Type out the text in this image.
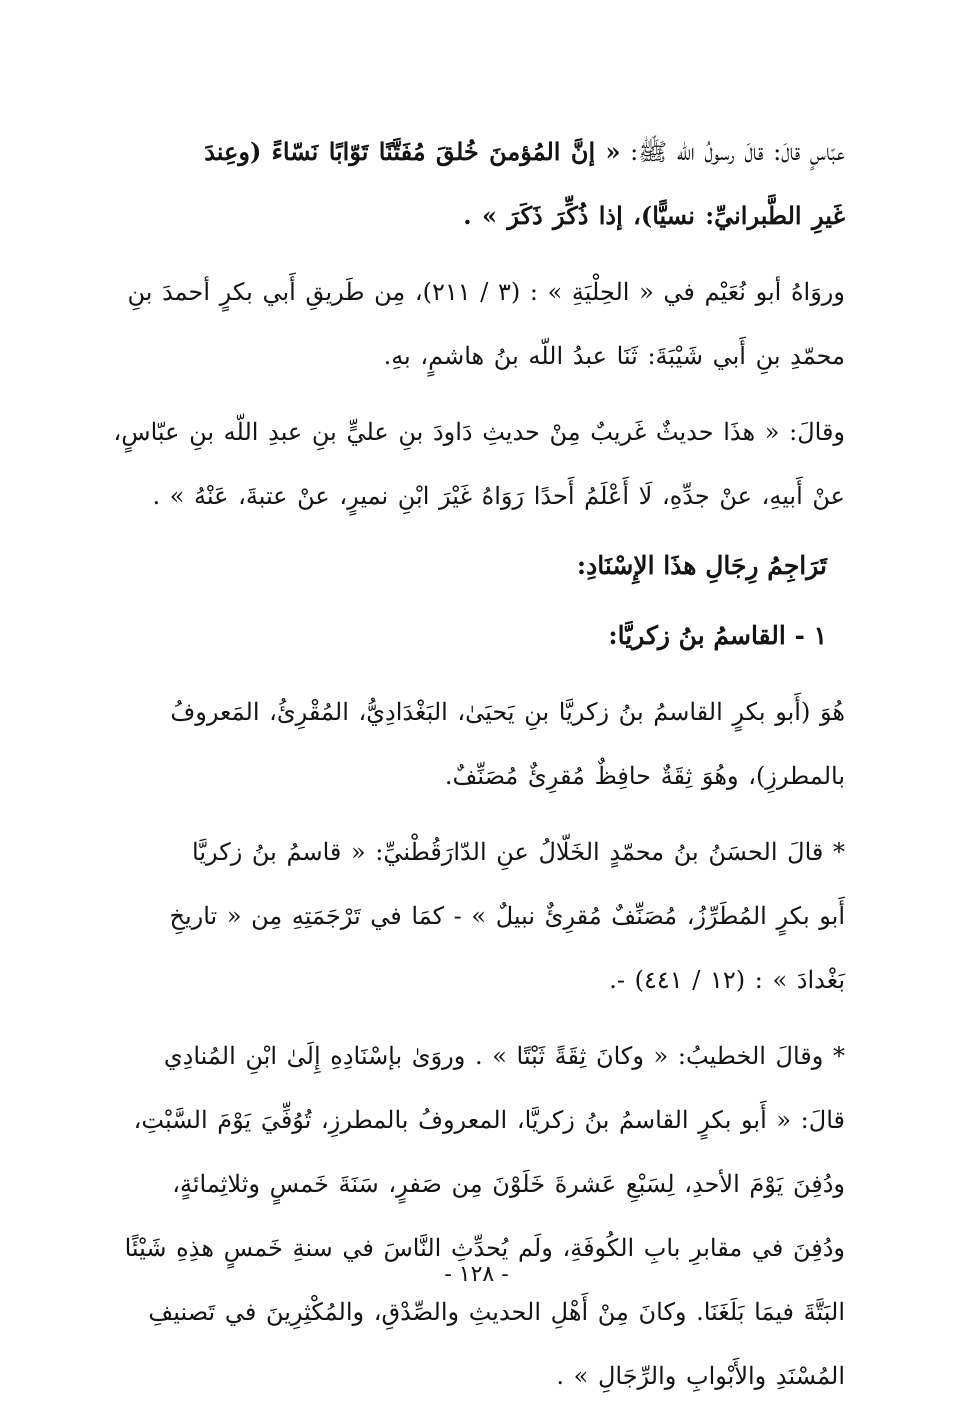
عبّاسٍ قالَ: قالَ رسولُ اللّه ﷺ: « إنَّ المُؤمنَ خُلقَ مُفَتَّنًا تَوّابًا نَسّاءً (وعِندَ
غَيرِ الطَّبرانيِّ: نسيًّا)، إذا ذُكِّرَ ذَكَرَ » .

وروَاهُ أبو نُعَيْم في « الحِلْيَةِ » : (٣ / ٢١١)، مِن طَريقِ أَبي بكرٍ أحمدَ بنِ
محمّدِ بنِ أَبي شَيْبَةَ: ثَنَا عبدُ اللّه بنُ هاشمٍ، بهِ.

وقالَ: « هذَا حديثٌ غَريبٌ مِنْ حديثِ دَاودَ بنِ عليٍّ بنِ عبدِ اللّه بنِ عبّاسٍ،
عنْ أَبيهِ، عنْ جدِّهِ، لَا أَعْلَمُ أَحدًا رَوَاهُ غَيْرَ ابْنِ نميرٍ، عنْ عتبةَ، عَنْهُ » .

تَرَاجِمُ رِجَالِ هذَا الإِسْنَادِ:

١ - القاسمُ بنُ زكريَّا:

هُوَ (أَبو بكرٍ القاسمُ بنُ زكريَّا بنِ يَحيَىٰ، البَغْدَادِيُّ، المُقْرِئُ، المَعروفُ
بالمطرزِ)، وهُوَ ثِقَةٌ حافِظٌ مُقرِئٌ مُصَنِّفٌ.

* قالَ الحسَنُ بنُ محمّدٍ الخَلّالُ عنِ الدّارَقُطْنيِّ: « قاسمُ بنُ زكريَّا
أَبو بكرٍ المُطَرِّزُ، مُصَنِّفٌ مُقرِئٌ نبيلٌ » - كمَا في تَرْجَمَتِهِ مِن « تاريخِ
بَغْدادَ » : (١٢ / ٤٤١) -.

* وقالَ الخطيبُ: « وكانَ ثِقَةً ثَبْتًا » . وروَىٰ بإسْنَادِهِ إِلَىٰ ابْنِ المُنادِي
قالَ: « أَبو بكرٍ القاسمُ بنُ زكريَّا، المعروفُ بالمطرزِ، تُوُفِّيَ يَوْمَ السَّبْتِ،
ودُفِنَ يَوْمَ الأحدِ، لِسَبْعِ عَشرةَ خَلَوْنَ مِن صَفرٍ، سَنَةَ خَمسٍ وثلاثِمائةٍ،
ودُفِنَ في مقابرِ بابِ الكُوفَةِ، ولَم يُحدِّثِ النَّاسَ في سنةِ خَمسٍ هذِهِ شَيْئًا
البَتَّةَ فيمَا بَلَغَنَا. وكانَ مِنْ أَهْلِ الحديثِ والصِّدْقِ، والمُكْثِرِينَ في تَصنيفِ
المُسْنَدِ والأَبْوابِ والرِّجَالِ » .

- ١٢٨ -
